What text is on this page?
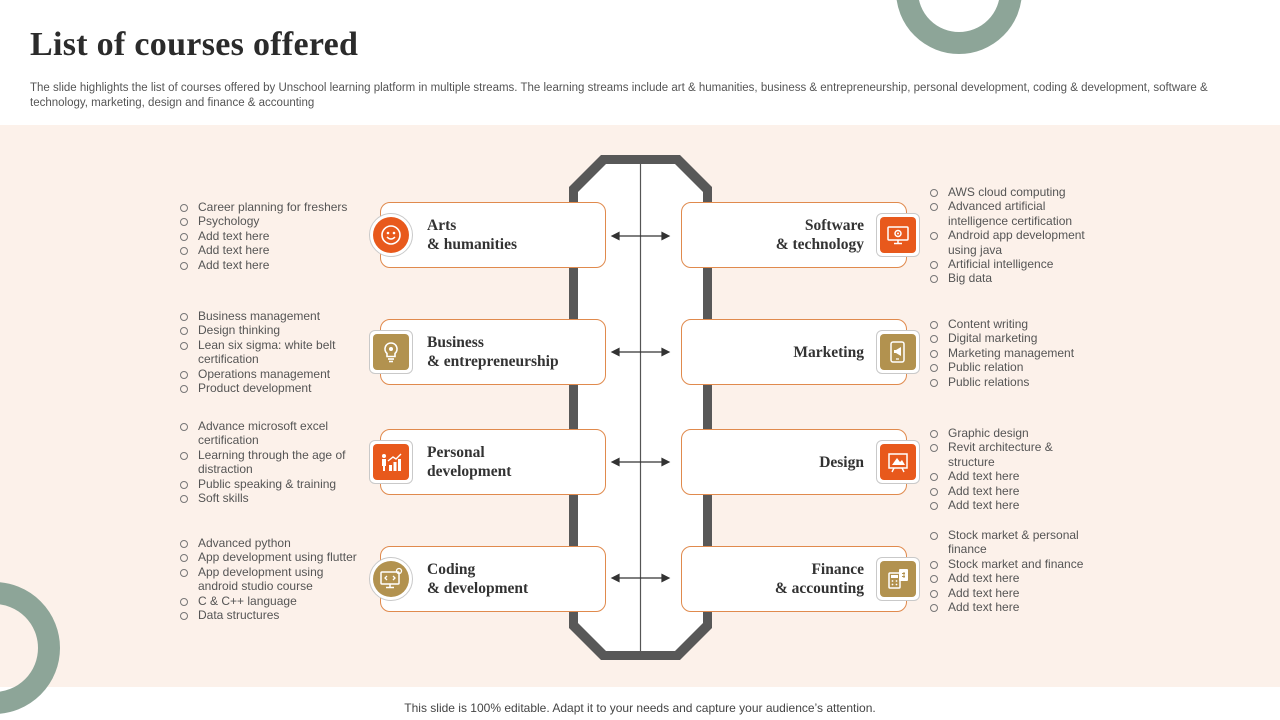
List of courses offered

The slide highlights the list of courses offered by Unschool learning platform in multiple streams. The learning streams include art & humanities, business & entrepreneurship, personal development, coding & development, software & technology, marketing, design and finance & accounting

Arts
& humanities
Business
& entrepreneurship
Personal
development
Coding
& development
Software
& technology
Marketing
Design
Finance
& accounting
Career planning for freshers
Psychology
Add text here
Add text here
Add text here
Business management
Design thinking
Lean six sigma: white belt certification
Operations management
Product development
Advance microsoft excel certification
Learning through the age of distraction
Public speaking & training
Soft skills
Advanced python
App development using flutter
App development using android studio course
C & C++ language
Data structures
AWS cloud computing
Advanced artificial intelligence certification
Android app development using java
Artificial intelligence
Big data
Content writing
Digital marketing
Marketing management
Public relation
Public relations
Graphic design
Revit architecture & structure
Add text here
Add text here
Add text here
Stock market & personal finance
Stock market and finance
Add text here
Add text here
Add text here
This slide is 100% editable. Adapt it to your needs and capture your audience’s attention.
